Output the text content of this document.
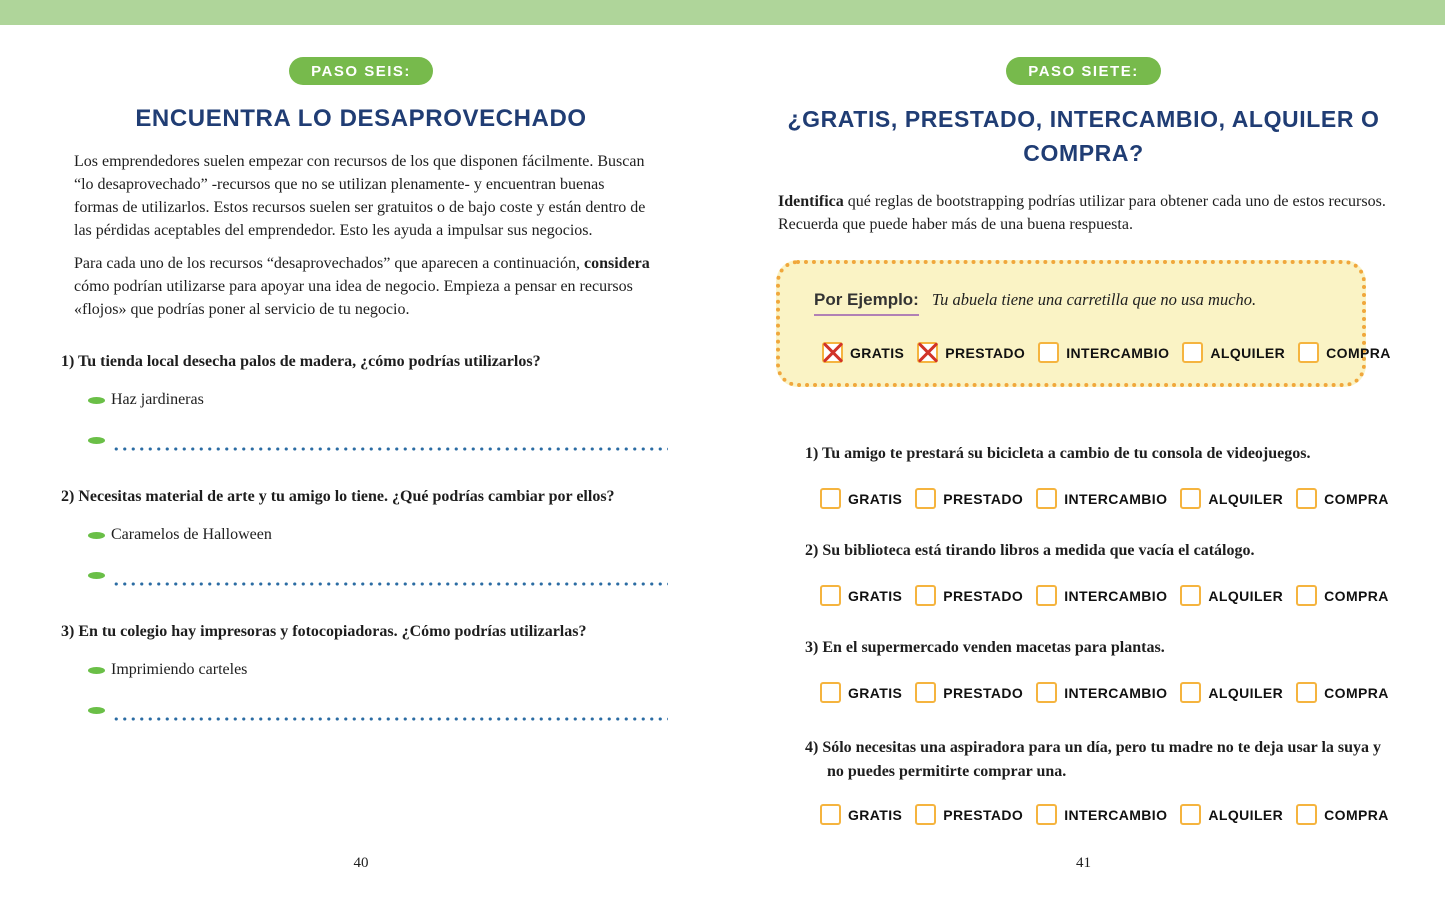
PASO SEIS:
ENCUENTRA LO DESAPROVECHADO

Los emprendedores suelen empezar con recursos de los que disponen fácilmente. Buscan “lo desaprovechado” -recursos que no se utilizan plenamente- y encuentran buenas formas de utilizarlos. Estos recursos suelen ser gratuitos o de bajo coste y están dentro de las pérdidas aceptables del emprendedor. Esto les ayuda a impulsar sus negocios.

Para cada uno de los recursos “desaprovechados” que aparecen a continuación, considera cómo podrían utilizarse para apoyar una idea de negocio. Empieza a pensar en recursos «flojos» que podrías poner al servicio de tu negocio.

1) Tu tienda local desecha palos de madera, ¿cómo podrías utilizarlos?
Haz jardineras
2) Necesitas material de arte y tu amigo lo tiene. ¿Qué podrías cambiar por ellos?
Caramelos de Halloween
3) En tu colegio hay impresoras y fotocopiadoras. ¿Cómo podrías utilizarlas?
Imprimiendo carteles
40
PASO SIETE:
¿GRATIS, PRESTADO, INTERCAMBIO, ALQUILER O
COMPRA?

Identifica qué reglas de bootstrapping podrías utilizar para obtener cada uno de estos recursos. Recuerda que puede haber más de una buena respuesta.

Por Ejemplo: Tu abuela tiene una carretilla que no usa mucho.
GRATIS	PRESTADO	INTERCAMBIO	ALQUILER	COMPRA
1) Tu amigo te prestará su bicicleta a cambio de tu consola de videojuegos.
GRATIS	PRESTADO	INTERCAMBIO	ALQUILER	COMPRA
2) Su biblioteca está tirando libros a medida que vacía el catálogo.
GRATIS	PRESTADO	INTERCAMBIO	ALQUILER	COMPRA
3) En el supermercado venden macetas para plantas.
GRATIS	PRESTADO	INTERCAMBIO	ALQUILER	COMPRA
4) Sólo necesitas una aspiradora para un día, pero tu madre no te deja usar la suya y no puedes permitirte comprar una.
GRATIS	PRESTADO	INTERCAMBIO	ALQUILER	COMPRA
41
